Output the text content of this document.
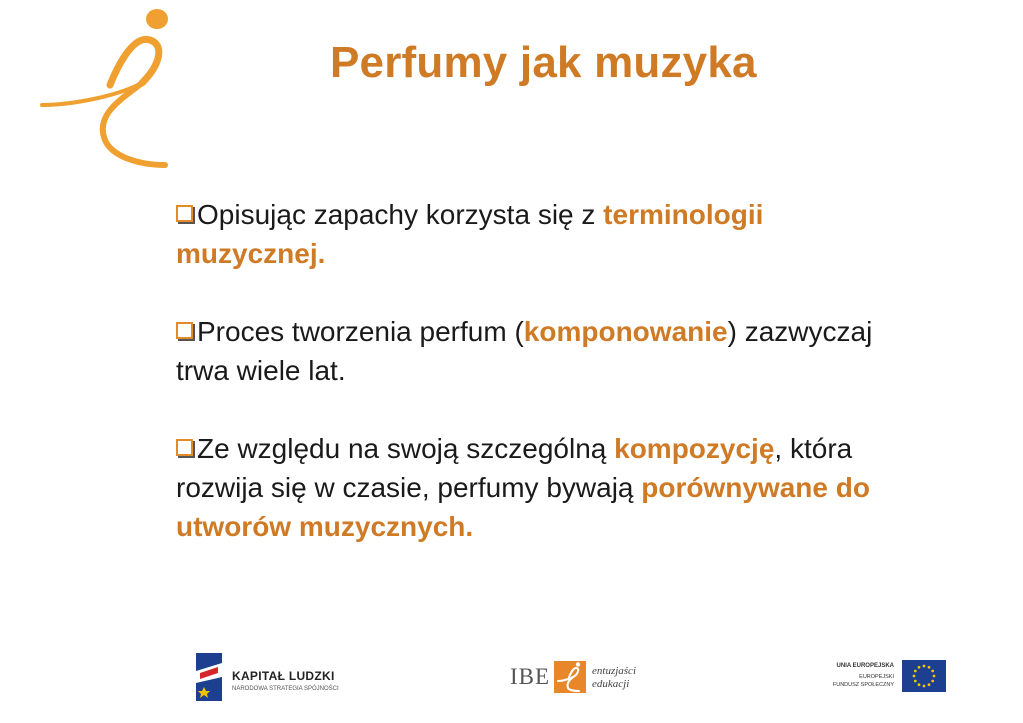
Perfumy jak muzyka
Opisując zapachy korzysta się z terminologii muzycznej.
Proces tworzenia perfum (komponowanie) zazwyczaj trwa wiele lat.
Ze względu na swoją szczególną kompozycję, która rozwija się w czasie, perfumy bywają porównywane do utworów muzycznych.
KAPITAŁ LUDZKI
NARODOWA STRATEGIA SPÓJNOŚCI	IBE	entuzjaści
edukacji
UNIA EUROPEJSKA
EUROPEJSKI
FUNDUSZ SPOŁECZNY
